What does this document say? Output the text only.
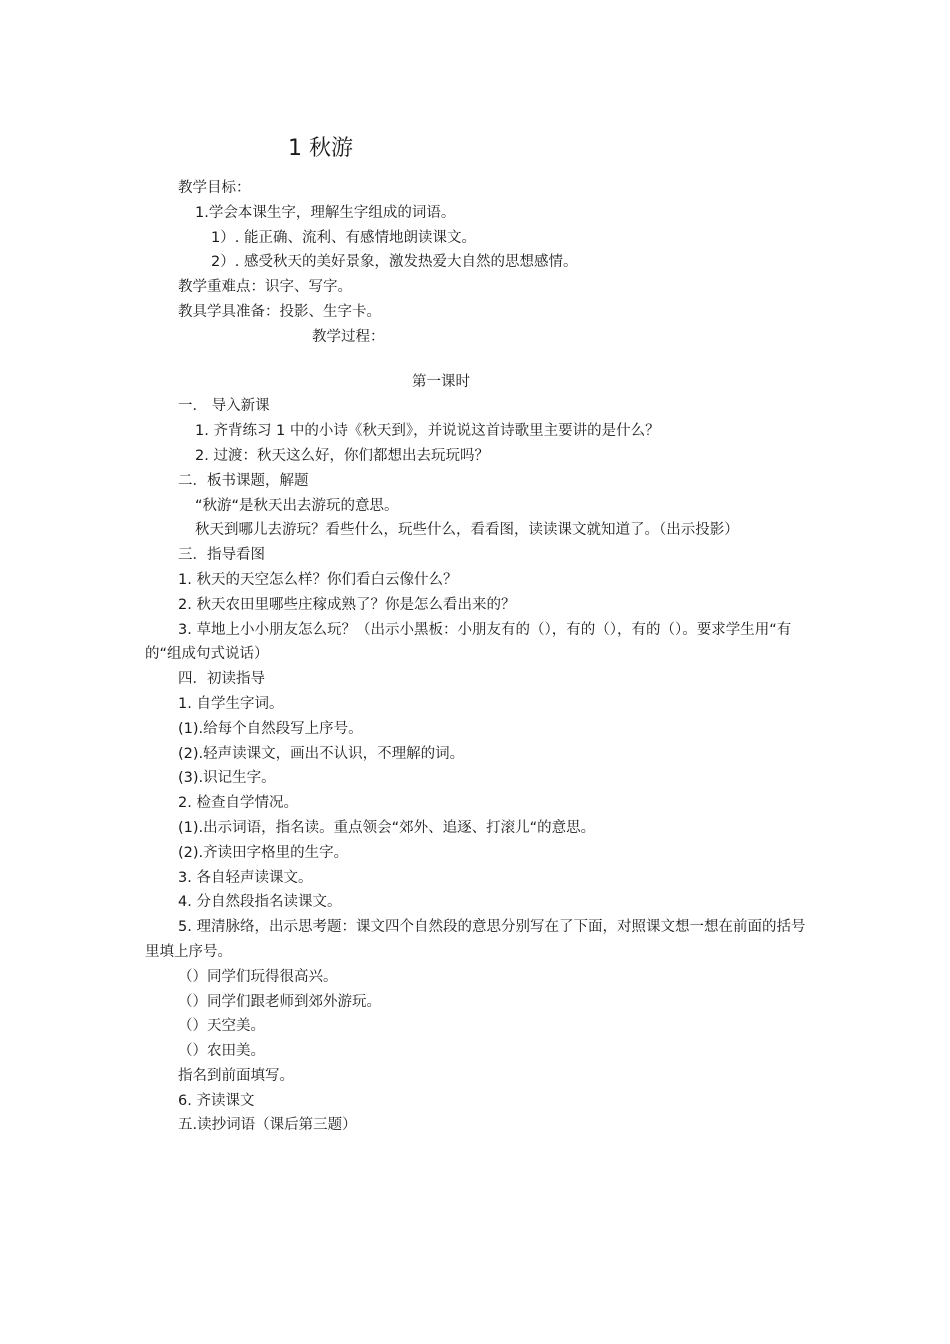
1 秋游
教学目标：
1.学会本课生字，理解生字组成的词语。
1）. 能正确、流利、有感情地朗读课文。
2）. 感受秋天的美好景象，激发热爱大自然的思想感情。
教学重难点：识字、写字。
教具学具准备：投影、生字卡。
教学过程：
第一课时
一． 导入新课
1. 齐背练习 1 中的小诗《秋天到》，并说说这首诗歌里主要讲的是什么？
2. 过渡：秋天这么好，你们都想出去玩玩吗？
二．板书课题，解题
“秋游“是秋天出去游玩的意思。
秋天到哪儿去游玩？看些什么，玩些什么，看看图，读读课文就知道了。（出示投影）
三．指导看图
1. 秋天的天空怎么样？你们看白云像什么？
2. 秋天农田里哪些庄稼成熟了？你是怎么看出来的？
3. 草地上小小朋友怎么玩？（出示小黑板：小朋友有的（），有的（），有的（）。要求学生用“有的“组成句式说话）
四．初读指导
1. 自学生字词。
(1).给每个自然段写上序号。
(2).轻声读课文，画出不认识，不理解的词。
(3).识记生字。
2. 检查自学情况。
(1).出示词语，指名读。重点领会“郊外、追逐、打滚儿“的意思。
(2).齐读田字格里的生字。
3. 各自轻声读课文。
4. 分自然段指名读课文。
5. 理清脉络，出示思考题：课文四个自然段的意思分别写在了下面，对照课文想一想在前面的括号里填上序号。
（）同学们玩得很高兴。
（）同学们跟老师到郊外游玩。
（）天空美。
（）农田美。
指名到前面填写。
6. 齐读课文
五.读抄词语（课后第三题）
